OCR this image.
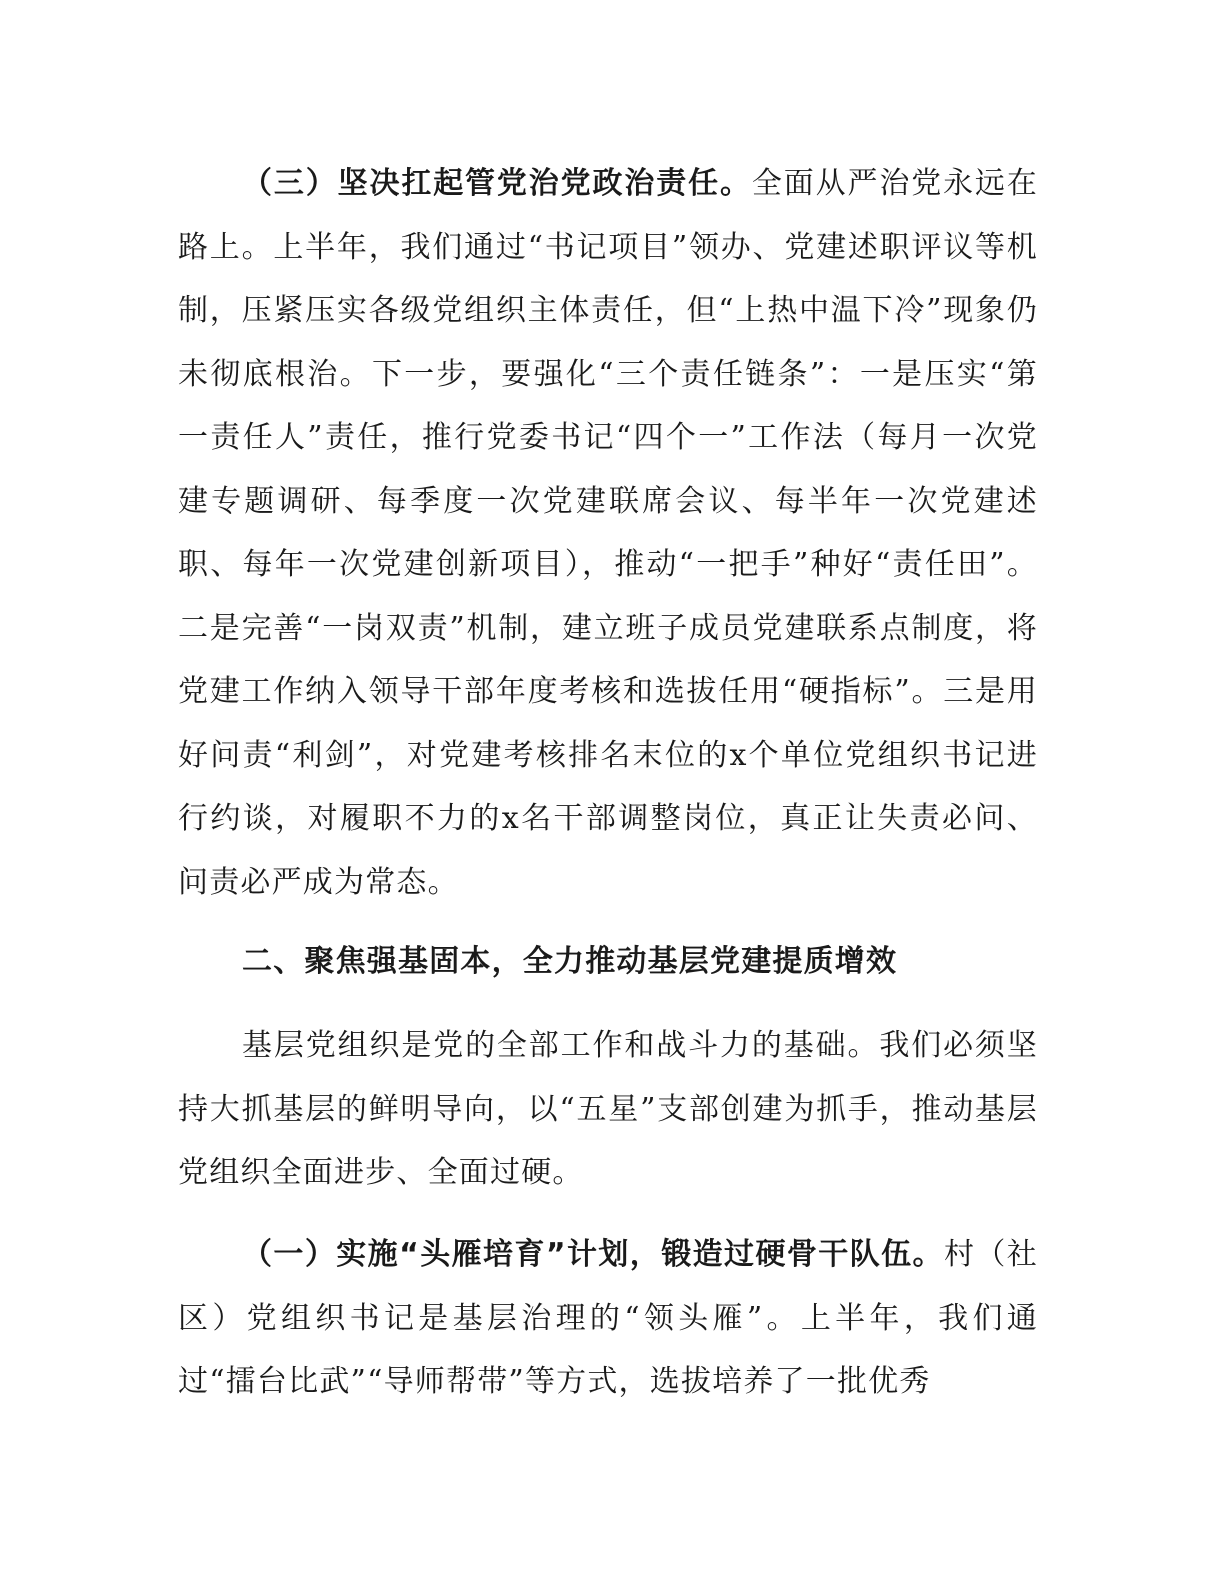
（三）坚决扛起管党治党政治责任。全面从严治党永远在路上。上半年，我们通过“书记项目”领办、党建述职评议等机制，压紧压实各级党组织主体责任，但“上热中温下冷”现象仍未彻底根治。下一步，要强化“三个责任链条”：一是压实“第一责任人”责任，推行党委书记“四个一”工作法（每月一次党建专题调研、每季度一次党建联席会议、每半年一次党建述职、每年一次党建创新项目），推动“一把手”种好“责任田”。二是完善“一岗双责”机制，建立班子成员党建联系点制度，将党建工作纳入领导干部年度考核和选拔任用“硬指标”。三是用好问责“利剑”，对党建考核排名末位的x个单位党组织书记进行约谈，对履职不力的x名干部调整岗位，真正让失责必问、问责必严成为常态。
二、聚焦强基固本，全力推动基层党建提质增效
基层党组织是党的全部工作和战斗力的基础。我们必须坚持大抓基层的鲜明导向，以“五星”支部创建为抓手，推动基层党组织全面进步、全面过硬。
（一）实施“头雁培育”计划，锻造过硬骨干队伍。村（社区）党组织书记是基层治理的“领头雁”。上半年，我们通过“擂台比武”“导师帮带”等方式，选拔培养了一批优秀
